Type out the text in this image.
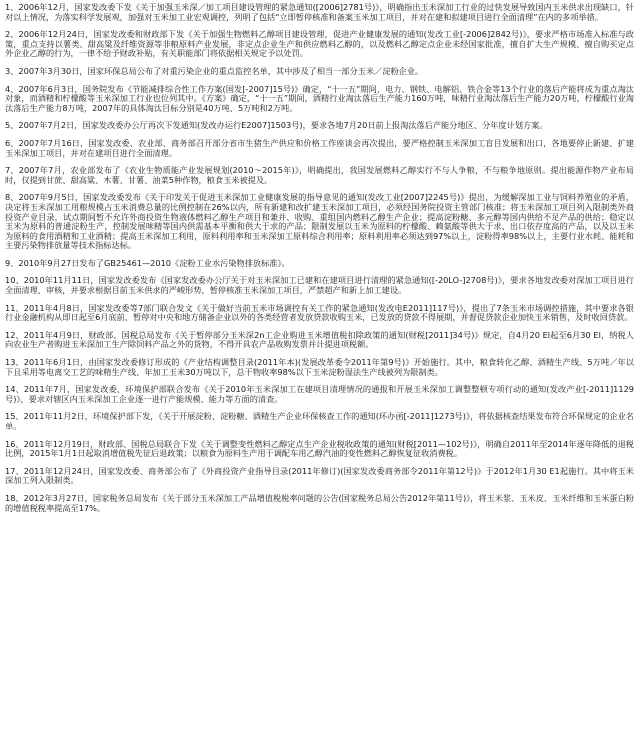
1、2006年12月，国家发改委下发《关于加强玉米深／加工项目建设管理的紧急通知([2006]2781号)》，明确指出玉米深加工行业的过快发展导致国内玉米供求出现缺口，针对以上情况，为落实科学发展观，加强对玉米加工业宏观调控，列明了包括“立即暂停核准和备案玉米加工项目，并对在建和拟建项目进行全面清理”在内的多项举措。

2、2006年12月24日，国家发改委和财政部下发《关于加强生物燃料乙醇项目建设管理，促进产业健康发展的通知(发改工业[-2006]2842号)》，要求严格市场准入标准与政策，重点支持以薯类、甜高粱及纤维资源等非粮原料产业发展，非定点企业生产和供应燃料乙醇的，以及燃料乙醇定点企业未经国家批准，擅自扩大生产规模、擅自购买定点外企业乙醇的行为，一律不给予财政补贴，有关职能部门将依据相关规定予以处罚。

3、2007年3月30日，国家环保总局公布了对重污染企业的重点监控名单，其中涉及了相当一部分玉米／淀粉企业。

4、2007年6月3日，国务院发布《节能减排综合性工作方案(国发[-2007]15号)》确定，“十一五”期间，电力、钢铁、电解铝、铁合金等13个行业的落后产能将成为重点淘汰对象，而酒精和柠檬酸等玉米深加工行业也位列其中。《方案》确定，“十一五”期间，酒精行业淘汰落后生产能力160万吨，味精行业淘汰落后生产能力20万吨，柠檬酸行业淘汰落后生产能力8万吨，2007年的具体淘汰目标分别是40万吨、5万吨和2万吨。

5、2007年7月2日，国家发改委办公厅再次下发通知(发改办运行E2007]1503号)，要求各地7月20日前上报淘汰落后产能分地区、分年度计划方案。

6、2007年7月16日，国家发改委、农业部、商务部召开部分省市生猪生产供应和价格工作座谈会再次提出，要严格控制玉米深加工盲目发展和出口，各地要停止新建、扩建玉米深加工项目，并对在建项目进行全面清理。

7、2007年7月，农业部发布了《农业生物质能产业发展规划(2010～2015年)》，明确提出，我国发展燃料乙醇实行不与人争粮，不与粮争地原则。提出能源作物产业布局时，仅提到甘蔗、甜高粱、木薯、甘薯、油菜5种作物，粮食玉米被提及。

8、2007年9月5日，国家发改委发布《关于印发关于促进玉米深加工业健康发展的指导意见的通知(发改工业[2007]2245号)》提出，为缓解深加工业与饲料养殖业的矛盾，决定将玉米深加工用粮规模占玉米消费总量的比例控制在26%以内，所有新建和改扩建玉米深加工项目，必须经国务院投资主管部门核准；将玉米深加工项目列入限制类外商投资产业目录，试点期间暂不允许外商投资生物液体燃料乙醇生产项目和兼并、收购、重组国内燃料乙醇生产企业；提高淀粉糖、多元醇等国内供给不足产品的供给；稳定以玉米为原料的普通淀粉生产，控制发展味精等国内供需基本平衡和供大于求的产品；限制发展以玉米为原料的柠檬酸、赖氨酸等供大于求、出口依存度高的产品，以及以玉米为原料的食用酒精和工业酒精；提高玉米深加工利用，原料利用率和玉米深加工原料综合利用率；原料利用率必须达到97%以上，淀粉得率98%以上，主要行业水耗、能耗和主要污染物排放量等技术指标达标。

9、2010年9月27日发布了GB25461—2010《淀粉工业水污染物排放标准》。

10、2010年11月11日，国家发改委发布《国家发改委办公厅关于对玉米深加工已建和在建项目进行清理的紧急通知([-20LO-]2708号)》，要求各地发改委对深加工项目进行全面清理、审核，并要求根据目前玉米供求的严峻形势，暂停核准玉米深加工项目，严禁超产和新上加工建设。

11、2011年4月8日，国家发改委等7部门联合发文《关于做好当前玉米市场调控有关工作的紧急通知(发改电E2011]117号)》，提出了7条玉米市场调控措施，其中要求各银行业金融机构从即日起至6月底前，暂停对中央和地方储备企业以外的各类经营者发放贷款收购玉米，已发放的贷款不得展期，并督促贷款企业加快玉米销售，及时收回贷款。

12、2011年4月9日，财政部、国税总局发布《关于暂停部分玉米深2n工企业购进玉米增值税扣除政策的通知(财税[2011]34号)》规定，自4月20 El起至6月30 El，纳税人向农业生产者购进玉米深加工生产除饲料产品之外的货物，不得开具农产品收购发票并计提进项税额。

13、2011年6月1日，由国家发改委修订形成的《产业结构调整目录(2011年本)(发展改革委令2011年第9号)》开始施行。其中，粮食转化乙醇、酒精生产线、5万吨／年以下且采用等电离交工艺的味精生产线、年加工玉米30万吨以下，总干物收率98%以下玉米淀粉湿法生产线被列为限制类。

14、2011年7月，国家发改委、环境保护部联合发布《关于2010年玉米深加工在建项目清理情况的通报和开展玉米深加工调整整顿专项行动的通知(发改产业[-2011]1129号)》，要求对辖区内玉米深加工企业逐一进行产能规模、能力等方面的清查。

15、2011年11月2日，环境保护部下发，《关于开展淀粉、淀粉糖、酒精生产企业环保核查工作的通知(环办函[-2011]1273号)》，将依据核查结果发布符合环保规定的企业名单。

16、2011年12月19日，财政部、国税总局联合下发《关于调整变性燃料乙醇定点生产企业税收政策的通知(财税[2011—102号)》，明确自2011年至2014年逐年降低的退税比例，2015年1月1日起取消增值税先征后退政策；以粮食为原料生产用于调配车用乙醇汽油的变性燃料乙醇恢复征收消费税。

17、2011年12月24日，国家发改委、商务部公布了《外商投资产业指导目录(2011年修订)(国家发改委商务部令2011年第12号)》于2012年1月30 E1起施行。其中将玉米深加工列入限制类。

18、2012年3月27日，国家税务总局发布《关于部分玉米深加工产品增值税税率问题的公告(国家税务总局公告2012年第11号)》，将玉米浆、玉米皮、玉米纤维和玉米蛋白粉的增值税税率提高至17%。
